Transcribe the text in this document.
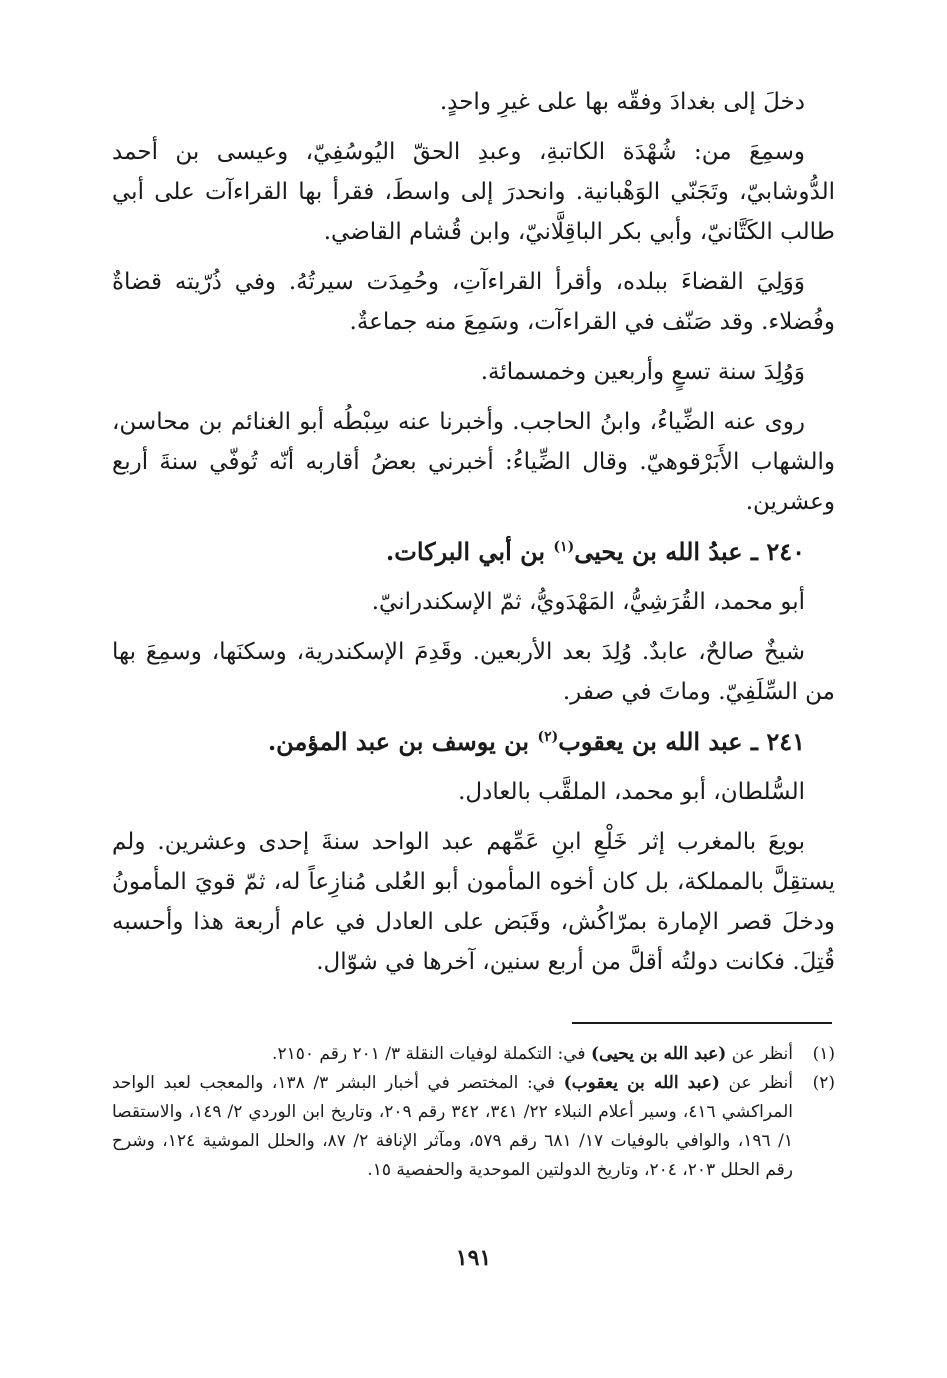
دخلَ إلى بغدادَ وفقّه بها على غيرِ واحدٍ.

وسمِعَ من: شُهْدَة الكاتبةِ، وعبدِ الحقّ اليُوسُفِيّ، وعيسى بن أحمد الدُّوشابيّ، وتَجَنّي الوَهْبانية. وانحدرَ إلى واسطَ، فقرأ بها القراءآت على أبي طالب الكَتَّانيّ، وأبي بكر الباقِلَّانيّ، وابن قُشام القاضي.

وَوَلِيَ القضاءَ ببلده، وأقرأ القراءآتِ، وحُمِدَت سيرتُهُ. وفي ذُرّيته قضاةٌ وفُضلاء. وقد صَنّف في القراءآت، وسَمِعَ منه جماعةٌ.

وَوُلِدَ سنة تسعٍ وأربعين وخمسمائة.

روى عنه الضِّياءُ، وابنُ الحاجب. وأخبرنا عنه سِبْطُه أبو الغنائم بن محاسن، والشهاب الأَبَرْقوهيّ. وقال الضِّياءُ: أخبرني بعضُ أقاربه أنّه تُوفّي سنةَ أربع وعشرين.

٢٤٠ ـ عبدُ الله بن يحيى$^{(١)}$ بن أبي البركات.

أبو محمد، القُرَشِيُّ، المَهْدَويُّ، ثمّ الإسكندرانيّ.

شيخٌ صالحٌ، عابدٌ. وُلِدَ بعد الأربعين. وقَدِمَ الإسكندرية، وسكنَها، وسمِعَ بها من السِّلَفِيّ. وماتَ في صفر.

٢٤١ ـ عبد الله بن يعقوب$^{(٢)}$ بن يوسف بن عبد المؤمن.

السُّلطان، أبو محمد، الملقَّب بالعادل.

بويعَ بالمغرب إثر خَلْعِ ابنِ عَمِّهم عبد الواحد سنةَ إحدى وعشرين. ولم يستقِلَّ بالمملكة، بل كان أخوه المأمون أبو العُلى مُنازِعاً له، ثمّ قويَ المأمونُ ودخلَ قصر الإمارة بمرّاكُش، وقَبَض على العادل في عام أربعة هذا وأحسبه قُتِلَ. فكانت دولتُه أقلَّ من أربع سنين، آخرها في شوّال.

(١)
أنظر عن (عبد الله بن يحيى) في: التكملة لوفيات النقلة ٣/ ٢٠١ رقم ٢١٥٠.
(٢)
أنظر عن (عبد الله بن يعقوب) في: المختصر في أخبار البشر ٣/ ١٣٨، والمعجب لعبد الواحد المراكشي ٤١٦، وسير أعلام النبلاء ٢٢/ ٣٤١، ٣٤٢ رقم ٢٠٩، وتاريخ ابن الوردي ٢/ ١٤٩، والاستقصا ١/ ١٩٦، والوافي بالوفيات ١٧/ ٦٨١ رقم ٥٧٩، ومآثر الإنافة ٢/ ٨٧، والحلل الموشية ١٢٤، وشرح رقم الحلل ٢٠٣، ٢٠٤، وتاريخ الدولتين الموحدية والحفصية ١٥.
١٩١
